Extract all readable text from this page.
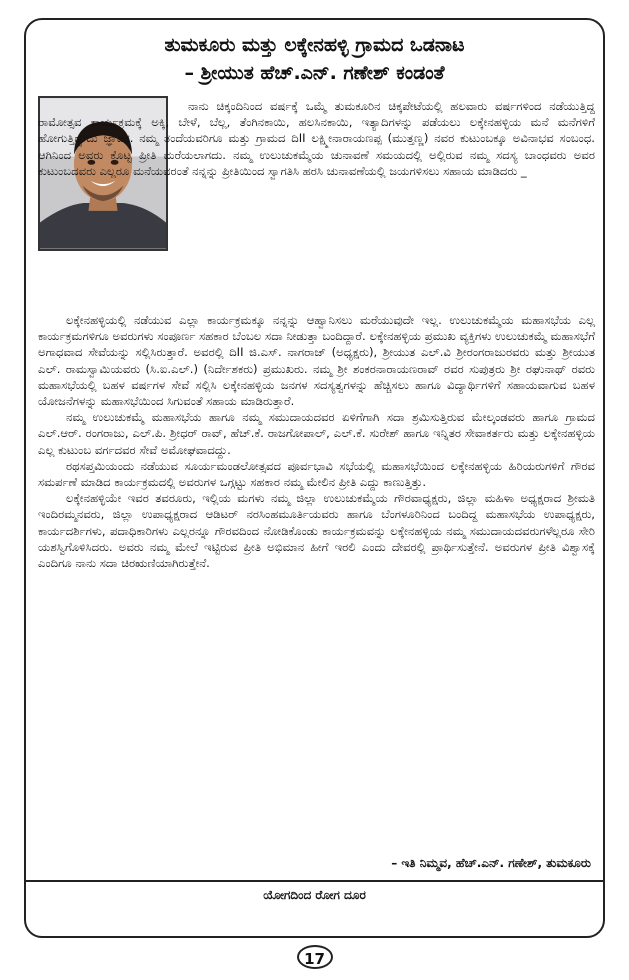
ತುಮಕೂರು ಮತ್ತು ಲಕ್ಕೇನಹಳ್ಳಿ ಗ್ರಾಮದ ಒಡನಾಟ
– ಶ್ರೀಯುತ ಹೆಚ್.ಎನ್. ಗಣೇಶ್ ಕಂಡಂತೆ
ನಾನು ಚಿಕ್ಕಂದಿನಿಂದ ವರ್ಷಕ್ಕೆ ಒಮ್ಮೆ ತುಮಕೂರಿನ ಚಿಕ್ಕಪೇಟೆಯಲ್ಲಿ ಹಲವಾರು ವರ್ಷಗಳಿಂದ ನಡೆಯುತ್ತಿದ್ದ ರಾಮೋತ್ಸವ ಕಾರ್ಯಕ್ರಮಕ್ಕೆ ಅಕ್ಕಿ, ಬೇಳೆ, ಬೆಲ್ಲ, ತೆಂಗಿನಕಾಯಿ, ಹಲಸಿನಕಾಯಿ, ಇತ್ಯಾದಿಗಳನ್ನು ಪಡೆಯಲು ಲಕ್ಕೇನಹಳ್ಳಿಯ ಮನೆ ಮನೆಗಳಿಗೆ ಹೋಗುತ್ತಿದ್ದುದು ಜ್ಞಾಪಕ. ನಮ್ಮ ತಂದೆಯವರಿಗೂ ಮತ್ತು ಗ್ರಾಮದ ದಿII ಲಕ್ಷ್ಮೀನಾರಾಯಣಪ್ಪ (ಮುತ್ತಣ್ಣ) ನವರ ಕುಟುಂಬಕ್ಕೂ ಅವಿನಾಭವ ಸಂಬಂಧ. ಆಗಿನಿಂದ ಅವರು ಕೊಟ್ಟ ಪ್ರೀತಿ ಮರೆಯಲಾಗದು. ನಮ್ಮ ಉಲುಚುಕಮ್ಮೆಯ ಚುನಾವಣೆ ಸಮಯದಲ್ಲಿ ಅಲ್ಲಿರುವ ನಮ್ಮ ಸದಸ್ಯ ಬಾಂಧವರು ಅವರ ಕುಟುಂಬದವರು ಎಲ್ಲರೂ ಮನೆಯವರಂತೆ ನನ್ನನ್ನು ಪ್ರೀತಿಯಿಂದ ಸ್ವಾಗತಿಸಿ ಹರಸಿ ಚುನಾವಣೆಯಲ್ಲಿ ಜಯಗಳಿಸಲು ಸಹಾಯ ಮಾಡಿದರು _

ಲಕ್ಕೇನಹಳ್ಳಿಯಲ್ಲಿ ನಡೆಯುವ ಎಲ್ಲಾ ಕಾರ್ಯಕ್ರಮಕ್ಕೂ ನನ್ನನ್ನು ಆಹ್ವಾನಿಸಲು ಮರೆಯುವುದೇ ಇಲ್ಲ. ಉಲುಚುಕಮ್ಮೆಯ ಮಹಾಸಭೆಯ ಎಲ್ಲ ಕಾರ್ಯಕ್ರಮಗಳಿಗೂ ಅವರುಗಳು ಸಂಪೂರ್ಣ ಸಹಕಾರ ಬೆಂಬಲ ಸದಾ ನೀಡುತ್ತಾ ಬಂದಿದ್ದಾರೆ. ಲಕ್ಕೇನಹಳ್ಳಿಯ ಪ್ರಮುಖ ವ್ಯಕ್ತಿಗಳು ಉಲುಚುಕಮ್ಮೆ ಮಹಾಸಭೆಗೆ ಅಗಾಧವಾದ ಸೇವೆಯನ್ನು ಸಲ್ಲಿಸಿರುತ್ತಾರೆ. ಅವರಲ್ಲಿ ದಿII ಜಿ.ಎಸ್. ನಾಗರಾಜ್ (ಅಧ್ಯಕ್ಷರು), ಶ್ರೀಯುತ ಎಲ್.ವಿ ಶ್ರೀರಂಗರಾಜುರವರು ಮತ್ತು ಶ್ರೀಯುತ ಎಲ್. ರಾಮಸ್ವಾಮಿಯವರು (ಸಿ.ಐ.ಎಲ್.) (ನಿರ್ದೇಶಕರು) ಪ್ರಮುಖರು. ನಮ್ಮ ಶ್ರೀ ಶಂಕರನಾರಾಯಣರಾವ್ ರವರ ಸುಪುತ್ರರು ಶ್ರೀ ರಘುನಾಥ್ ರವರು ಮಹಾಸಭೆಯಲ್ಲಿ ಬಹಳ ವರ್ಷಗಳ ಸೇವೆ ಸಲ್ಲಿಸಿ ಲಕ್ಕೇನಹಳ್ಳಿಯ ಜನಗಳ ಸದಸ್ಯತ್ವಗಳನ್ನು ಹೆಚ್ಚಿಸಲು ಹಾಗೂ ವಿದ್ಯಾರ್ಥಿಗಳಿಗೆ ಸಹಾಯವಾಗುವ ಬಹಳ ಯೋಜನೆಗಳನ್ನು ಮಹಾಸಭೆಯಿಂದ ಸಿಗುವಂತೆ ಸಹಾಯ ಮಾಡಿರುತ್ತಾರೆ.

ನಮ್ಮ ಉಲುಚುಕಮ್ಮೆ ಮಹಾಸಭೆಯ ಹಾಗೂ ನಮ್ಮ ಸಮುದಾಯದವರ ಏಳಿಗೆಗಾಗಿ ಸದಾ ಶ್ರಮಿಸುತ್ತಿರುವ ಮೇಲ್ಕಂಡವರು ಹಾಗೂ ಗ್ರಾಮದ ಎಲ್.ಆರ್. ರಂಗರಾಜು, ಎಲ್.ಪಿ. ಶ್ರೀಧರ್ ರಾವ್, ಹೆಚ್.ಕೆ. ರಾಜಗೋಪಾಲ್, ಎಲ್.ಕೆ. ಸುರೇಶ್ ಹಾಗೂ ಇನ್ನಿತರ ಸೇವಾಕರ್ತರು ಮತ್ತು ಲಕ್ಕೇನಹಳ್ಳಿಯ ಎಲ್ಲ ಕುಟುಂಬ ವರ್ಗದವರ ಸೇವೆ ಅಮೋಘವಾದದ್ದು.

ರಥಸಪ್ತಮಿಯಂದು ನಡೆಯುವ ಸೂರ್ಯಮಂಡಲೋತ್ಸವದ ಪೂರ್ವಭಾವಿ ಸಭೆಯಲ್ಲಿ ಮಹಾಸಭೆಯಿಂದ ಲಕ್ಕೇನಹಳ್ಳಿಯ ಹಿರಿಯರುಗಳಿಗೆ ಗೌರವ ಸಮರ್ಪಣೆ ಮಾಡಿದ ಕಾರ್ಯಕ್ರಮದಲ್ಲಿ ಅವರುಗಳ ಒಗ್ಗಟ್ಟು ಸಹಕಾರ ನಮ್ಮ ಮೇಲಿನ ಪ್ರೀತಿ ಎದ್ದು ಕಾಣುತ್ತಿತ್ತು.

ಲಕ್ಕೇನಹಳ್ಳಿಯೇ ಇವರ ತವರೂರು, ಇಲ್ಲಿಯ ಮಗಳು ನಮ್ಮ ಜಿಲ್ಲಾ ಉಲುಚುಕಮ್ಮೆಯ ಗೌರವಾಧ್ಯಕ್ಷರು, ಜಿಲ್ಲಾ ಮಹಿಳಾ ಅಧ್ಯಕ್ಷರಾದ ಶ್ರೀಮತಿ ಇಂದಿರಮ್ಮನವರು, ಜಿಲ್ಲಾ ಉಪಾಧ್ಯಕ್ಷರಾದ ಆಡಿಟರ್ ನರಸಿಂಹಮೂರ್ತಿಯವರು ಹಾಗೂ ಬೆಂಗಳೂರಿನಿಂದ ಬಂದಿದ್ದ ಮಹಾಸಭೆಯ ಉಪಾಧ್ಯಕ್ಷರು, ಕಾರ್ಯದರ್ಶಿಗಳು, ಪದಾಧಿಕಾರಿಗಳು ಎಲ್ಲರನ್ನೂ ಗೌರವದಿಂದ ನೋಡಿಕೊಂಡು ಕಾರ್ಯಕ್ರಮವನ್ನು ಲಕ್ಕೇನಹಳ್ಳಿಯ ನಮ್ಮ ಸಮುದಾಯದವರುಗಳೆಲ್ಲರೂ ಸೇರಿ ಯಶಸ್ವಿಗೊಳಿಸಿದರು. ಅವರು ನಮ್ಮ ಮೇಲೆ ಇಟ್ಟಿರುವ ಪ್ರೀತಿ ಅಭಿಮಾನ ಹೀಗೆ ಇರಲಿ ಎಂದು ದೇವರಲ್ಲಿ ಪ್ರಾರ್ಥಿಸುತ್ತೇನೆ. ಅವರುಗಳ ಪ್ರೀತಿ ವಿಶ್ವಾಸಕ್ಕೆ ಎಂದಿಗೂ ನಾನು ಸದಾ ಚಿರಋಣಿಯಾಗಿರುತ್ತೇನೆ.

– ಇತಿ ನಿಮ್ಮವ, ಹೆಚ್.ಎನ್. ಗಣೇಶ್, ತುಮಕೂರು
ಯೋಗದಿಂದ ರೋಗ ದೂರ
17
